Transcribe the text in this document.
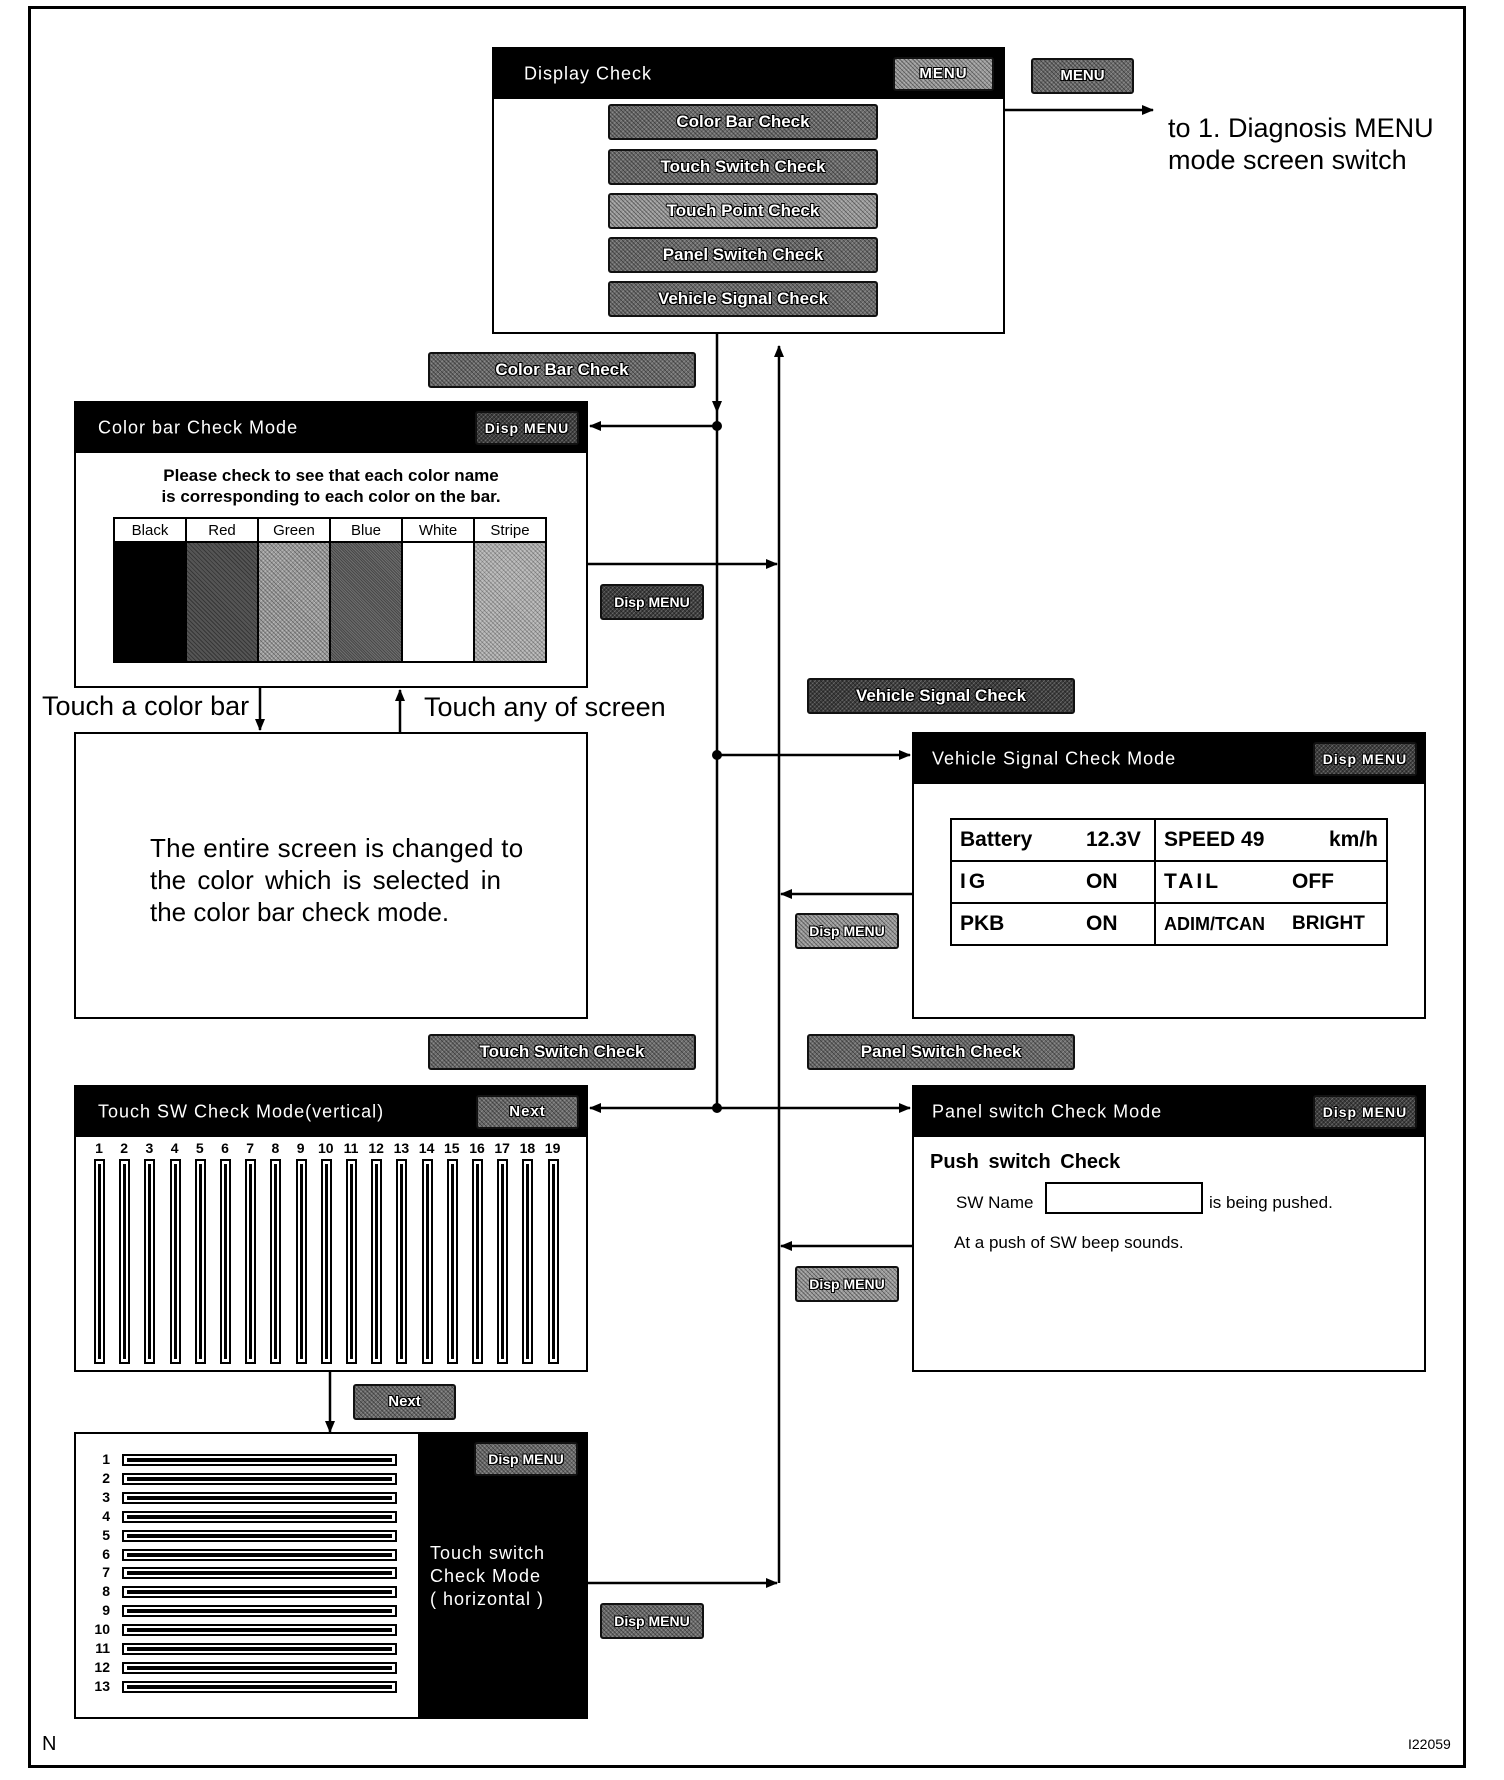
Display Check	MENU
Color Bar Check
Touch Switch Check
Touch Point Check
Panel Switch Check
Vehicle Signal Check
MENU
to 1. Diagnosis MENU
mode screen switch
Color Bar Check
Color bar Check Mode	Disp MENU
Please check to see that each color name
is corresponding to each color on the bar.
Black	Red	Green	Blue	White	Stripe

Touch a color bar	Touch any of screen
The entire screen is changed to
the color which is selected in
the color bar check mode.
Disp MENU
Vehicle Signal Check
Vehicle Signal Check Mode	Disp MENU
Battery	12.3V	SPEED 49	km/h
IG	ON	TAIL	OFF
PKB	ON	ADIM/TCAN	BRIGHT
Disp MENU
Touch Switch Check	Panel Switch Check
Touch SW Check Mode(vertical)	Next
1	2	3	4	5	6	7	8	9 10 11 12 13 14 15 16 17 18 19
Panel switch Check Mode	Disp MENU
Push switch Check
SW Name	is being pushed.
At a push of SW beep sounds.
Disp MENU
Next
1
2
3
4
5
6
7
8
9
10
11
12
13
Disp MENU
Touch switch
Check Mode
( horizontal )
Disp MENU
N	I22059
